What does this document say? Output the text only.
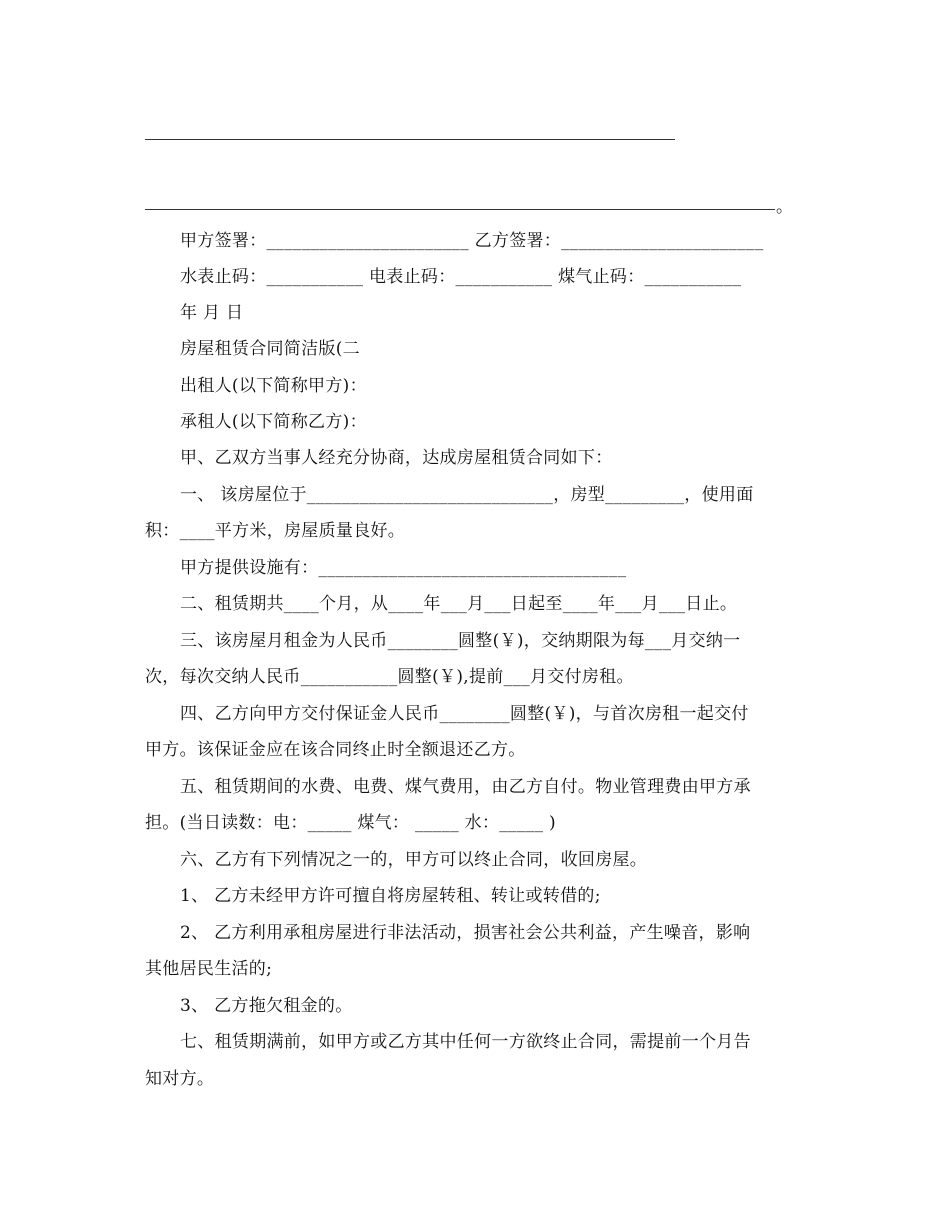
。
甲方签署：_______________________ 乙方签署：_______________________
水表止码：___________ 电表止码：___________ 煤气止码：___________
年 月 日
房屋租赁合同简洁版(二
出租人(以下简称甲方)：
承租人(以下简称乙方)：
甲、乙双方当事人经充分协商，达成房屋租赁合同如下：
一、 该房屋位于____________________________，房型_________，使用面
积：____平方米，房屋质量良好。
甲方提供设施有：___________________________________
二、租赁期共____个月，从____年___月___日起至____年___月___日止。
三、该房屋月租金为人民币________圆整(￥)，交纳期限为每___月交纳一
次，每次交纳人民币___________圆整(￥),提前___月交付房租。
四、乙方向甲方交付保证金人民币________圆整(￥)，与首次房租一起交付
甲方。该保证金应在该合同终止时全额退还乙方。
五、租赁期间的水费、电费、煤气费用，由乙方自付。物业管理费由甲方承
担。(当日读数：电：_____ 煤气： _____ 水：_____ )
六、乙方有下列情况之一的，甲方可以终止合同，收回房屋。
1、 乙方未经甲方许可擅自将房屋转租、转让或转借的;
2、 乙方利用承租房屋进行非法活动，损害社会公共利益，产生噪音，影响
其他居民生活的;
3、 乙方拖欠租金的。
七、租赁期满前，如甲方或乙方其中任何一方欲终止合同，需提前一个月告
知对方。
